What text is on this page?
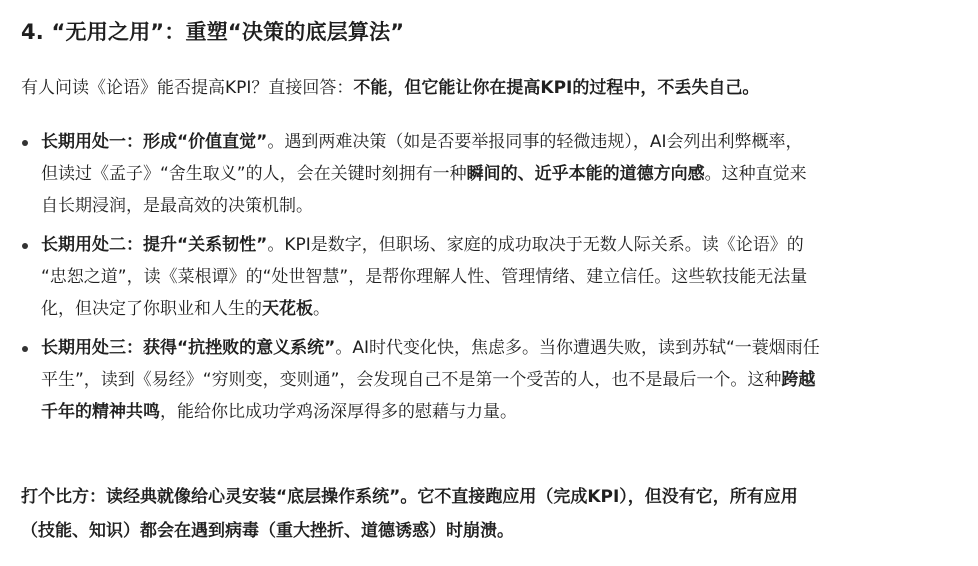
4. “无用之用”：重塑“决策的底层算法”
有人问读《论语》能否提高KPI？直接回答：不能，但它能让你在提高KPI的过程中，不丢失自己。
长期用处一：形成“价值直觉”。遇到两难决策（如是否要举报同事的轻微违规），AI会列出利弊概率，
但读过《孟子》“舍生取义”的人，会在关键时刻拥有一种瞬间的、近乎本能的道德方向感。这种直觉来
自长期浸润，是最高效的决策机制。
长期用处二：提升“关系韧性”。KPI是数字，但职场、家庭的成功取决于无数人际关系。读《论语》的
“忠恕之道”，读《菜根谭》的“处世智慧”，是帮你理解人性、管理情绪、建立信任。这些软技能无法量
化，但决定了你职业和人生的天花板。
长期用处三：获得“抗挫败的意义系统”。AI时代变化快，焦虑多。当你遭遇失败，读到苏轼“一蓑烟雨任
平生”，读到《易经》“穷则变，变则通”，会发现自己不是第一个受苦的人，也不是最后一个。这种跨越
千年的精神共鸣，能给你比成功学鸡汤深厚得多的慰藉与力量。
打个比方：读经典就像给心灵安装“底层操作系统”。它不直接跑应用（完成KPI），但没有它，所有应用
（技能、知识）都会在遇到病毒（重大挫折、道德诱惑）时崩溃。
